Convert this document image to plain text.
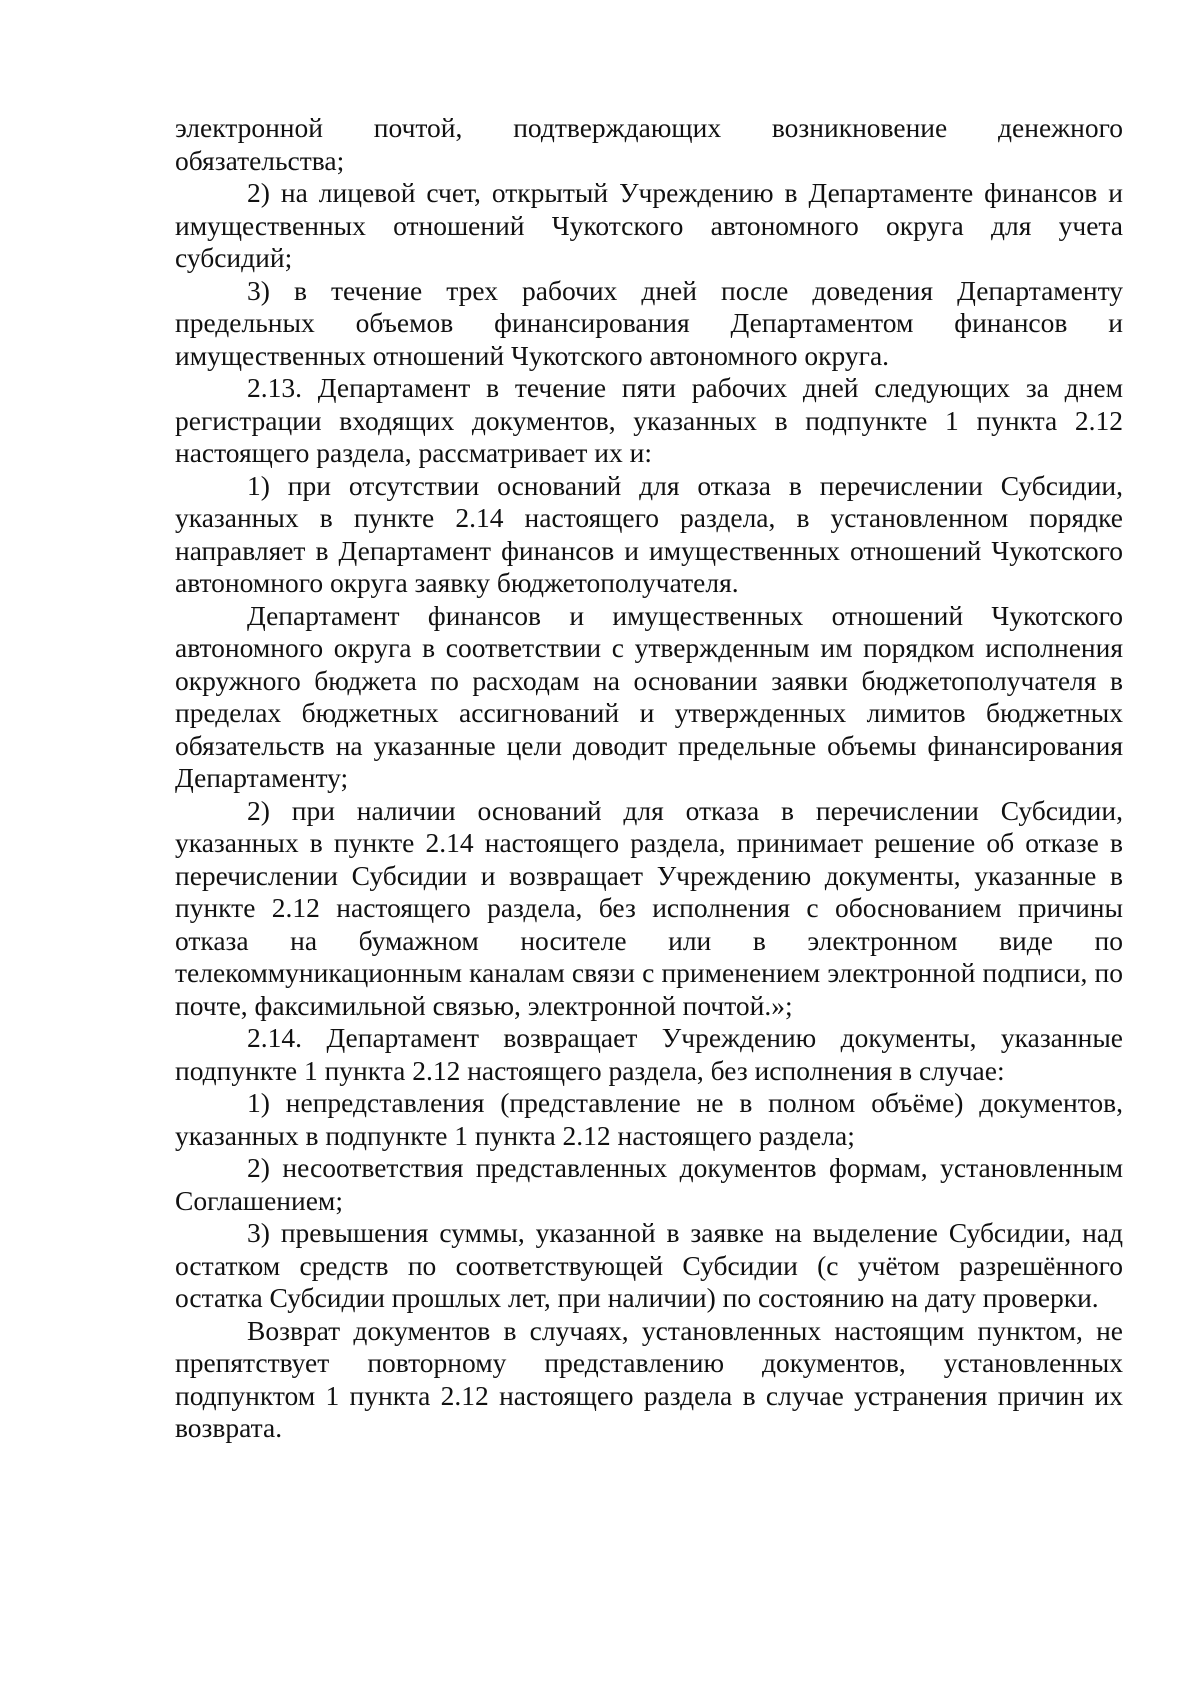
электронной почтой, подтверждающих возникновение денежного обязательства;

2) на лицевой счет, открытый Учреждению в Департаменте финансов и имущественных отношений Чукотского автономного округа для учета субсидий;

3) в течение трех рабочих дней после доведения Департаменту предельных объемов финансирования Департаментом финансов и имущественных отношений Чукотского автономного округа.

2.13. Департамент в течение пяти рабочих дней следующих за днем регистрации входящих документов, указанных в подпункте 1 пункта 2.12 настоящего раздела, рассматривает их и:

1) при отсутствии оснований для отказа в перечислении Субсидии, указанных в пункте 2.14 настоящего раздела, в установленном порядке направляет в Департамент финансов и имущественных отношений Чукотского автономного округа заявку бюджетополучателя.

Департамент финансов и имущественных отношений Чукотского автономного округа в соответствии с утвержденным им порядком исполнения окружного бюджета по расходам на основании заявки бюджетополучателя в пределах бюджетных ассигнований и утвержденных лимитов бюджетных обязательств на указанные цели доводит предельные объемы финансирования Департаменту;

2) при наличии оснований для отказа в перечислении Субсидии, указанных в пункте 2.14 настоящего раздела, принимает решение об отказе в перечислении Субсидии и возвращает Учреждению документы, указанные в пункте 2.12 настоящего раздела, без исполнения с обоснованием причины отказа на бумажном носителе или в электронном виде по телекоммуникационным каналам связи с применением электронной подписи, по почте, факсимильной связью, электронной почтой.»;

2.14. Департамент возвращает Учреждению документы, указанные подпункте 1 пункта 2.12 настоящего раздела, без исполнения в случае:

1) непредставления (представление не в полном объёме) документов, указанных в подпункте 1 пункта 2.12 настоящего раздела;

2) несоответствия представленных документов формам, установленным Соглашением;

3) превышения суммы, указанной в заявке на выделение Субсидии, над остатком средств по соответствующей Субсидии (с учётом разрешённого остатка Субсидии прошлых лет, при наличии) по состоянию на дату проверки.

Возврат документов в случаях, установленных настоящим пунктом, не препятствует повторному представлению документов, установленных подпунктом 1 пункта 2.12 настоящего раздела в случае устранения причин их возврата.
